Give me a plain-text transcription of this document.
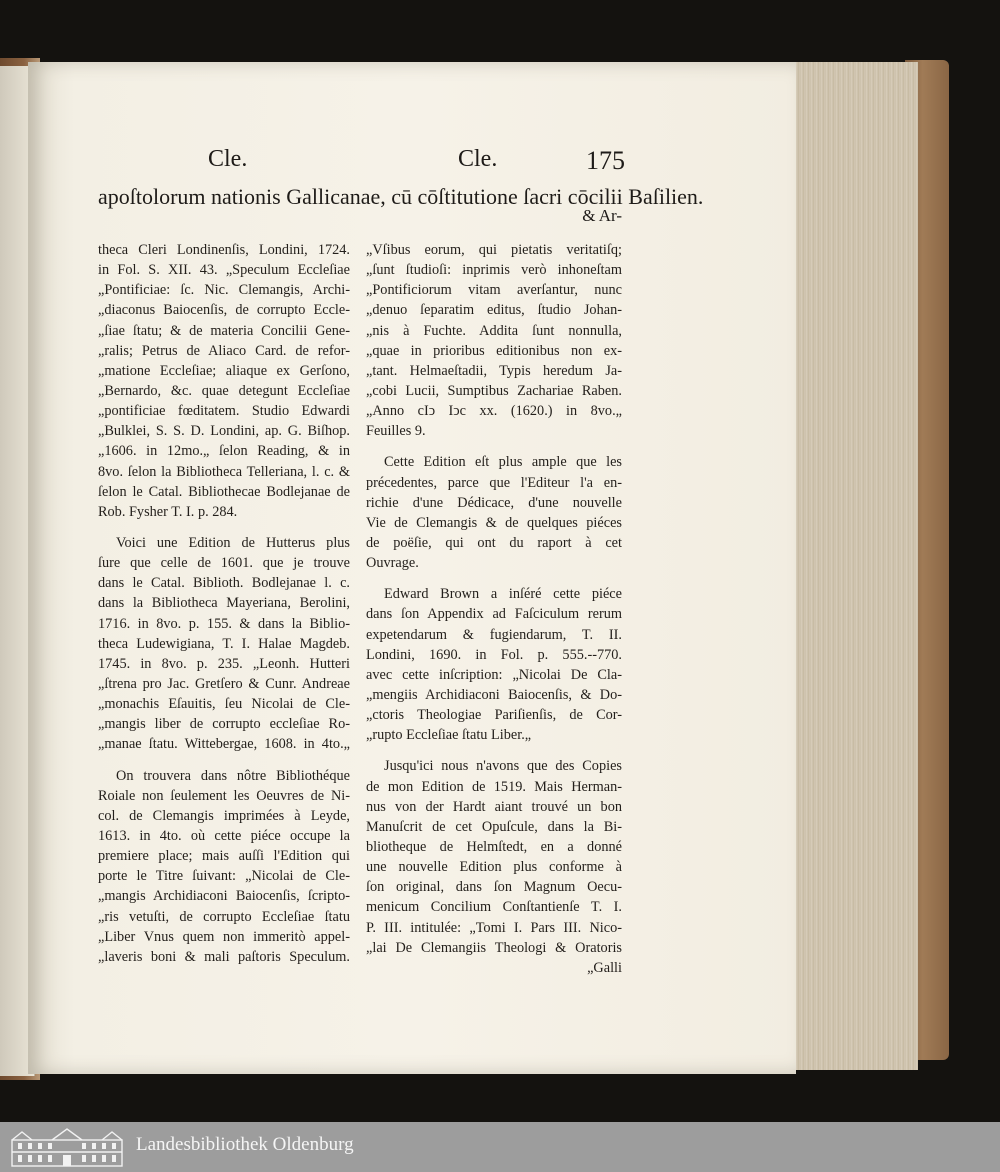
Cle.	Cle.	175
apoſtolorum nationis Gallicanae, cū cōſtitutione ſacri cōcilii Baſilien.
& Ar-
theca Cleri Londinenſis, Londini, 1724.
in Fol. S. XII. 43. „Speculum Eccleſiae
„Pontificiae: ſc. Nic. Clemangis, Archi-
„diaconus Baiocenſis, de corrupto Eccle-
„ſiae ſtatu; & de materia Concilii Gene-
„ralis; Petrus de Aliaco Card. de refor-
„matione Eccleſiae; aliaque ex Gerſono,
„Bernardo, &c. quae detegunt Eccleſiae
„pontificiae fœditatem. Studio Edwardi
„Bulklei, S. S. D. Londini, ap. G. Biſhop.
„1606. in 12mo.„ ſelon Reading, & in
8vo. ſelon la Bibliotheca Telleriana, l. c. &
ſelon le Catal. Bibliothecae Bodlejanae de
Rob. Fysher T. I. p. 284.
Voici une Edition de Hutterus plus
ſure que celle de 1601. que je trouve
dans le Catal. Biblioth. Bodlejanae l. c.
dans la Bibliotheca Mayeriana, Berolini,
1716. in 8vo. p. 155. & dans la Biblio-
theca Ludewigiana, T. I. Halae Magdeb.
1745. in 8vo. p. 235. „Leonh. Hutteri
„ſtrena pro Jac. Gretſero & Cunr. Andreae
„monachis Eſauitis, ſeu Nicolai de Cle-
„mangis liber de corrupto eccleſiae Ro-
„manae ſtatu. Wittebergae, 1608. in 4to.„
On trouvera dans nôtre Bibliothéque
Roiale non ſeulement les Oeuvres de Ni-
col. de Clemangis imprimées à Leyde,
1613. in 4to. où cette piéce occupe la
premiere place; mais auſſi l'Edition qui
porte le Titre ſuivant: „Nicolai de Cle-
„mangis Archidiaconi Baiocenſis, ſcripto-
„ris vetuſti, de corrupto Eccleſiae ſtatu
„Liber Vnus quem non immeritò appel-
„laveris boni & mali paſtoris Speculum.
„Vſibus eorum, qui pietatis veritatiſq;
„ſunt ſtudioſi: inprimis verò inhoneſtam
„Pontificiorum vitam averſantur, nunc
„denuo ſeparatim editus, ſtudio Johan-
„nis à Fuchte. Addita ſunt nonnulla,
„quae in prioribus editionibus non ex-
„tant. Helmaeſtadii, Typis heredum Ja-
„cobi Lucii, Sumptibus Zachariae Raben.
„Anno cIↄ Iↄc xx. (1620.) in 8vo.„
Feuilles 9.
Cette Edition eſt plus ample que les
précedentes, parce que l'Editeur l'a en-
richie d'une Dédicace, d'une nouvelle
Vie de Clemangis & de quelques piéces
de poëſie, qui ont du raport à cet
Ouvrage.
Edward Brown a inſéré cette piéce
dans ſon Appendix ad Faſciculum rerum
expetendarum & fugiendarum, T. II.
Londini, 1690. in Fol. p. 555.--770.
avec cette inſcription: „Nicolai De Cla-
„mengiis Archidiaconi Baiocenſis, & Do-
„ctoris Theologiae Pariſienſis, de Cor-
„rupto Eccleſiae ſtatu Liber.„
Jusqu'ici nous n'avons que des Copies
de mon Edition de 1519. Mais Herman-
nus von der Hardt aiant trouvé un bon
Manuſcrit de cet Opuſcule, dans la Bi-
bliotheque de Helmſtedt, en a donné
une nouvelle Edition plus conforme à
ſon original, dans ſon Magnum Oecu-
menicum Concilium Conſtantienſe T. I.
P. III. intitulée: „Tomi I. Pars III. Nico-
„lai De Clemangiis Theologi & Oratoris
„Galli
Landesbibliothek Oldenburg
